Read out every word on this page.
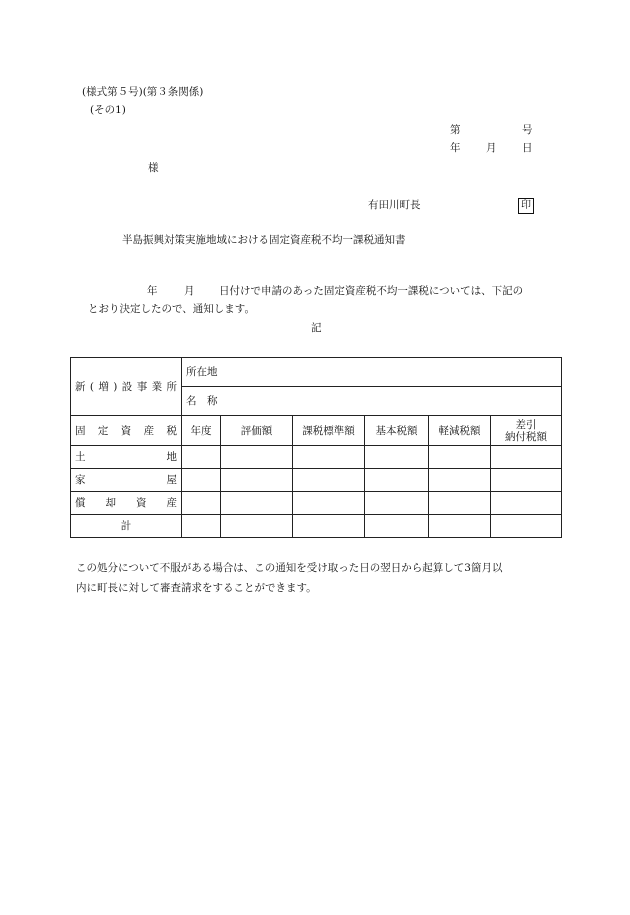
(様式第５号)(第３条関係)
(その1)
第	号
年 月 日
様
有田川町長	印
半島振興対策実施地域における固定資産税不均一課税通知書
年	月 日付けで申請のあった固定資産税不均一課税については、下記の
とおり決定したので、通知します。
記
新(増)設事業所	所在地					
	名　称					

固定資産税	年度	評価額	課税標準額	基本税額	軽減税額	差引
納付税額

土地						

家屋						

償却資産						

計						
この処分について不服がある場合は、この通知を受け取った日の翌日から起算して3箇月以
内に町長に対して審査請求をすることができます。
